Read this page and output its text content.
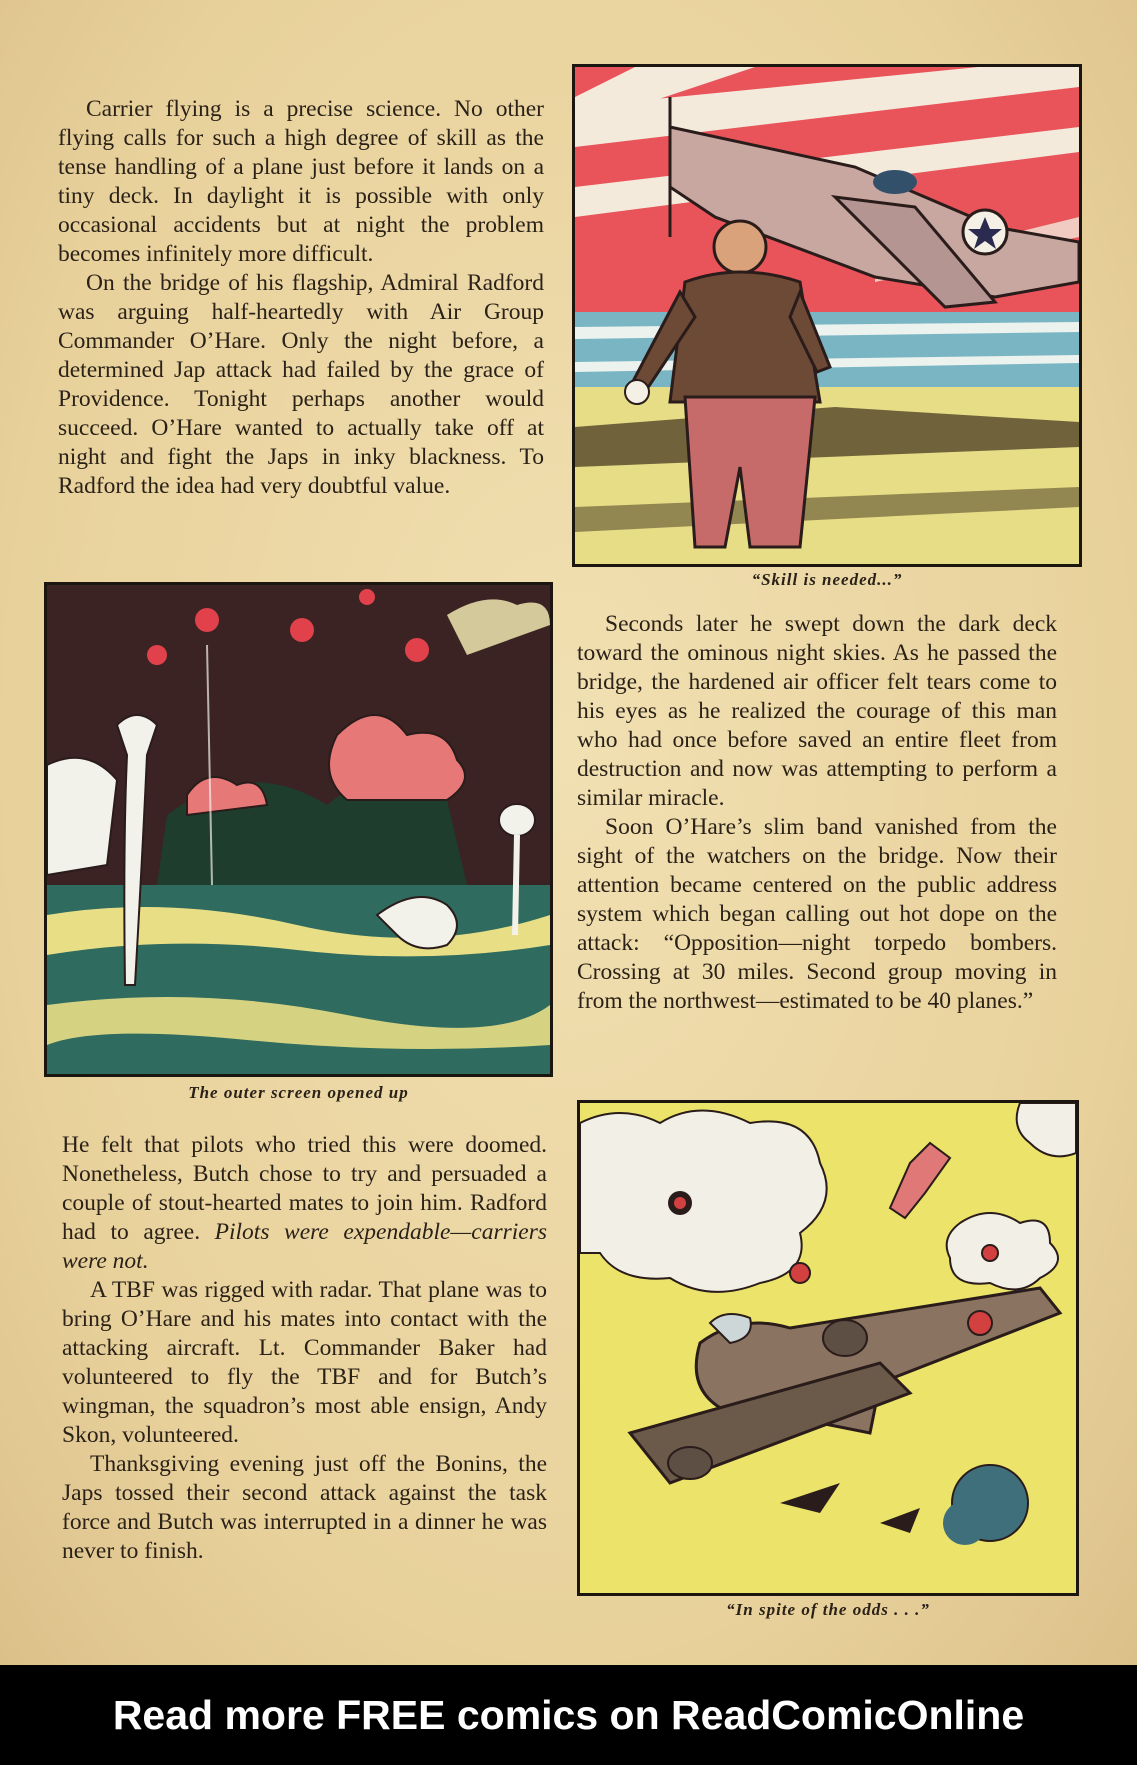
Carrier flying is a precise science. No other flying calls for such a high degree of skill as the tense handling of a plane just before it lands on a tiny deck. In daylight it is possible with only occasional accidents but at night the problem becomes infinitely more difficult.

On the bridge of his flagship, Admiral Radford was arguing half-heartedly with Air Group Commander O’Hare. Only the night before, a determined Jap attack had failed by the grace of Providence. Tonight perhaps another would succeed. O’Hare wanted to actually take off at night and fight the Japs in inky blackness. To Radford the idea had very doubtful value.

“Skill is needed...”
The outer screen opened up

Seconds later he swept down the dark deck toward the ominous night skies. As he passed the bridge, the hardened air officer felt tears come to his eyes as he realized the courage of this man who had once before saved an entire fleet from destruction and now was attempting to perform a similar miracle.

Soon O’Hare’s slim band vanished from the sight of the watchers on the bridge. Now their attention became centered on the public address system which began calling out hot dope on the attack: “Opposition—night torpedo bombers. Crossing at 30 miles. Second group moving in from the northwest—estimated to be 40 planes.”

He felt that pilots who tried this were doomed. Nonetheless, Butch chose to try and persuaded a couple of stout-hearted mates to join him. Radford had to agree. Pilots were expendable—carriers were not.

A TBF was rigged with radar. That plane was to bring O’Hare and his mates into contact with the attacking aircraft. Lt. Commander Baker had volunteered to fly the TBF and for Butch’s wingman, the squadron’s most able ensign, Andy Skon, volunteered.

Thanksgiving evening just off the Bonins, the Japs tossed their second attack against the task force and Butch was interrupted in a dinner he was never to finish.

“In spite of the odds . . .”
Read more FREE comics on ReadComicOnline
